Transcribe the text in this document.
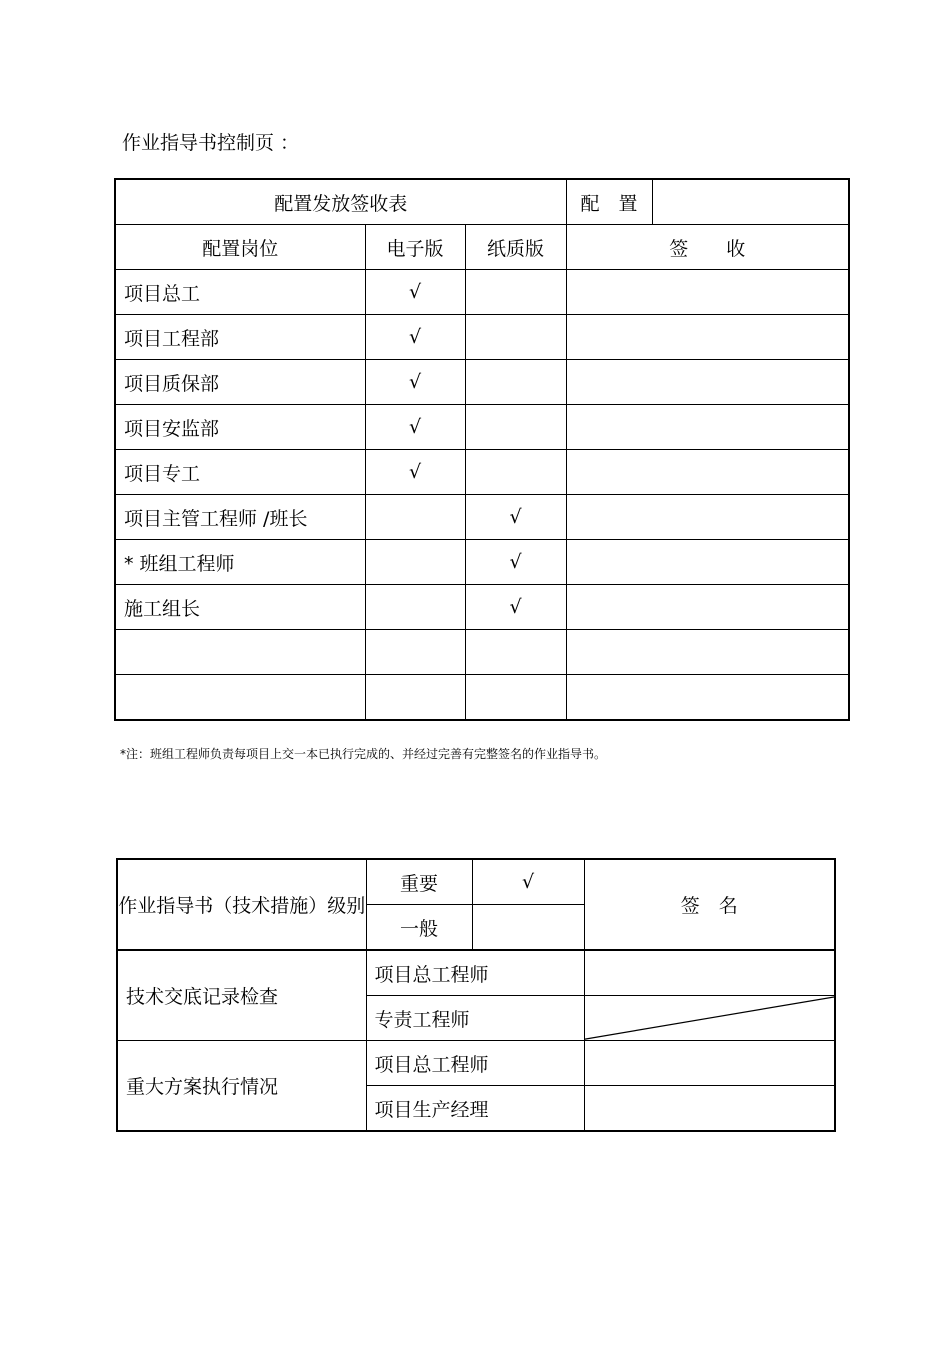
作业指导书控制页 ：
配置发放签收表			配　置	
配置岗位	电子版	纸质版	签　　收	
项目总工	√			
项目工程部	√			
项目质保部	√			
项目安监部	√			
项目专工	√			
项目主管工程师 /班长		√		
* 班组工程师		√		
施工组长		√		

*注：班组工程师负责每项目上交一本已执行完成的、并经过完善有完整签名的作业指导书。
作业指导书（技术措施）级别	重要	√	签　名
	一般		
技术交底记录检查	项目总工程师		
	专责工程师	

重大方案执行情况	项目总工程师		
	项目生产经理		
